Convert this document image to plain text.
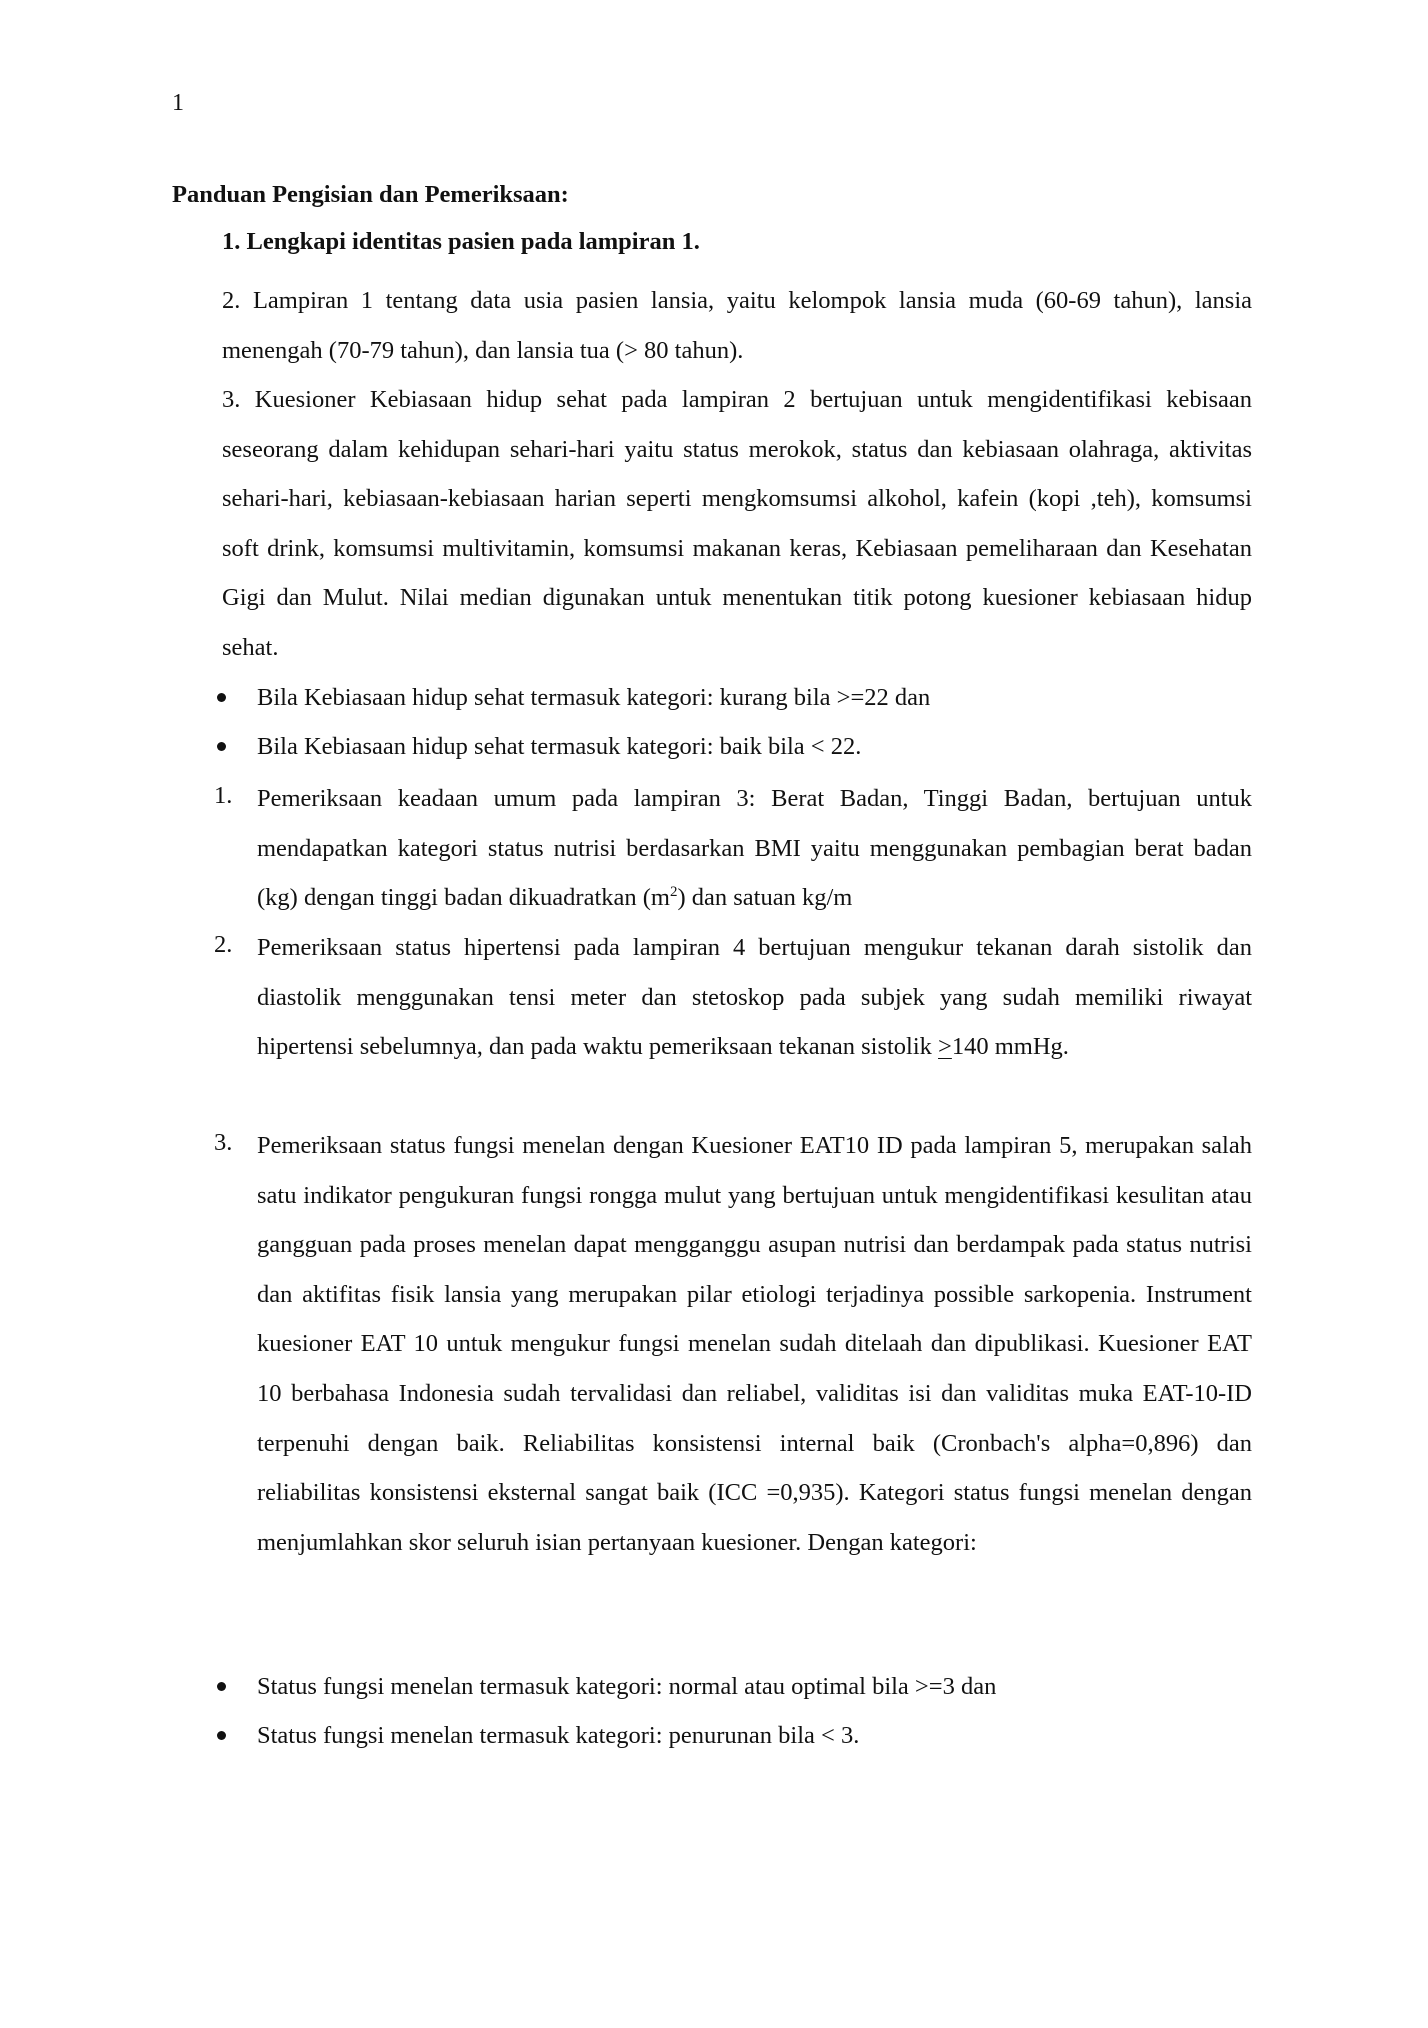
1
Panduan Pengisian dan Pemeriksaan:
1. Lengkapi identitas pasien pada lampiran 1.
2. Lampiran 1 tentang data usia pasien lansia, yaitu kelompok lansia muda (60-69 tahun), lansia menengah (70-79 tahun), dan lansia tua (> 80 tahun).
3. Kuesioner Kebiasaan hidup sehat pada lampiran 2 bertujuan untuk mengidentifikasi kebisaan seseorang dalam kehidupan sehari-hari yaitu status merokok, status dan kebiasaan olahraga, aktivitas sehari-hari, kebiasaan-kebiasaan harian seperti mengkomsumsi alkohol, kafein (kopi ,teh), komsumsi soft drink, komsumsi multivitamin, komsumsi makanan keras, Kebiasaan pemeliharaan dan Kesehatan Gigi dan Mulut. Nilai median digunakan untuk menentukan titik potong kuesioner kebiasaan hidup sehat.
Bila Kebiasaan hidup sehat termasuk kategori: kurang bila >=22 dan
Bila Kebiasaan hidup sehat termasuk kategori: baik bila < 22.
1. Pemeriksaan keadaan umum pada lampiran 3: Berat Badan, Tinggi Badan, bertujuan untuk mendapatkan kategori status nutrisi berdasarkan BMI yaitu menggunakan pembagian berat badan (kg) dengan tinggi badan dikuadratkan $(m^2)$ dan satuan kg/m
2. Pemeriksaan status hipertensi pada lampiran 4 bertujuan mengukur tekanan darah sistolik dan diastolik menggunakan tensi meter dan stetoskop pada subjek yang sudah memiliki riwayat hipertensi sebelumnya, dan pada waktu pemeriksaan tekanan sistolik >140 mmHg.
3. Pemeriksaan status fungsi menelan dengan Kuesioner EAT10 ID pada lampiran 5, merupakan salah satu indikator pengukuran fungsi rongga mulut yang bertujuan untuk mengidentifikasi kesulitan atau gangguan pada proses menelan dapat mengganggu asupan nutrisi dan berdampak pada status nutrisi dan aktifitas fisik lansia yang merupakan pilar etiologi terjadinya possible sarkopenia. Instrument kuesioner EAT 10 untuk mengukur fungsi menelan sudah ditelaah dan dipublikasi. Kuesioner EAT 10 berbahasa Indonesia sudah tervalidasi dan reliabel, validitas isi dan validitas muka EAT-10-ID terpenuhi dengan baik. Reliabilitas konsistensi internal baik (Cronbach's alpha=0,896) dan reliabilitas konsistensi eksternal sangat baik (ICC =0,935). Kategori status fungsi menelan dengan menjumlahkan skor seluruh isian pertanyaan kuesioner. Dengan kategori:
Status fungsi menelan termasuk kategori: normal atau optimal bila >=3 dan
Status fungsi menelan termasuk kategori: penurunan bila < 3.
